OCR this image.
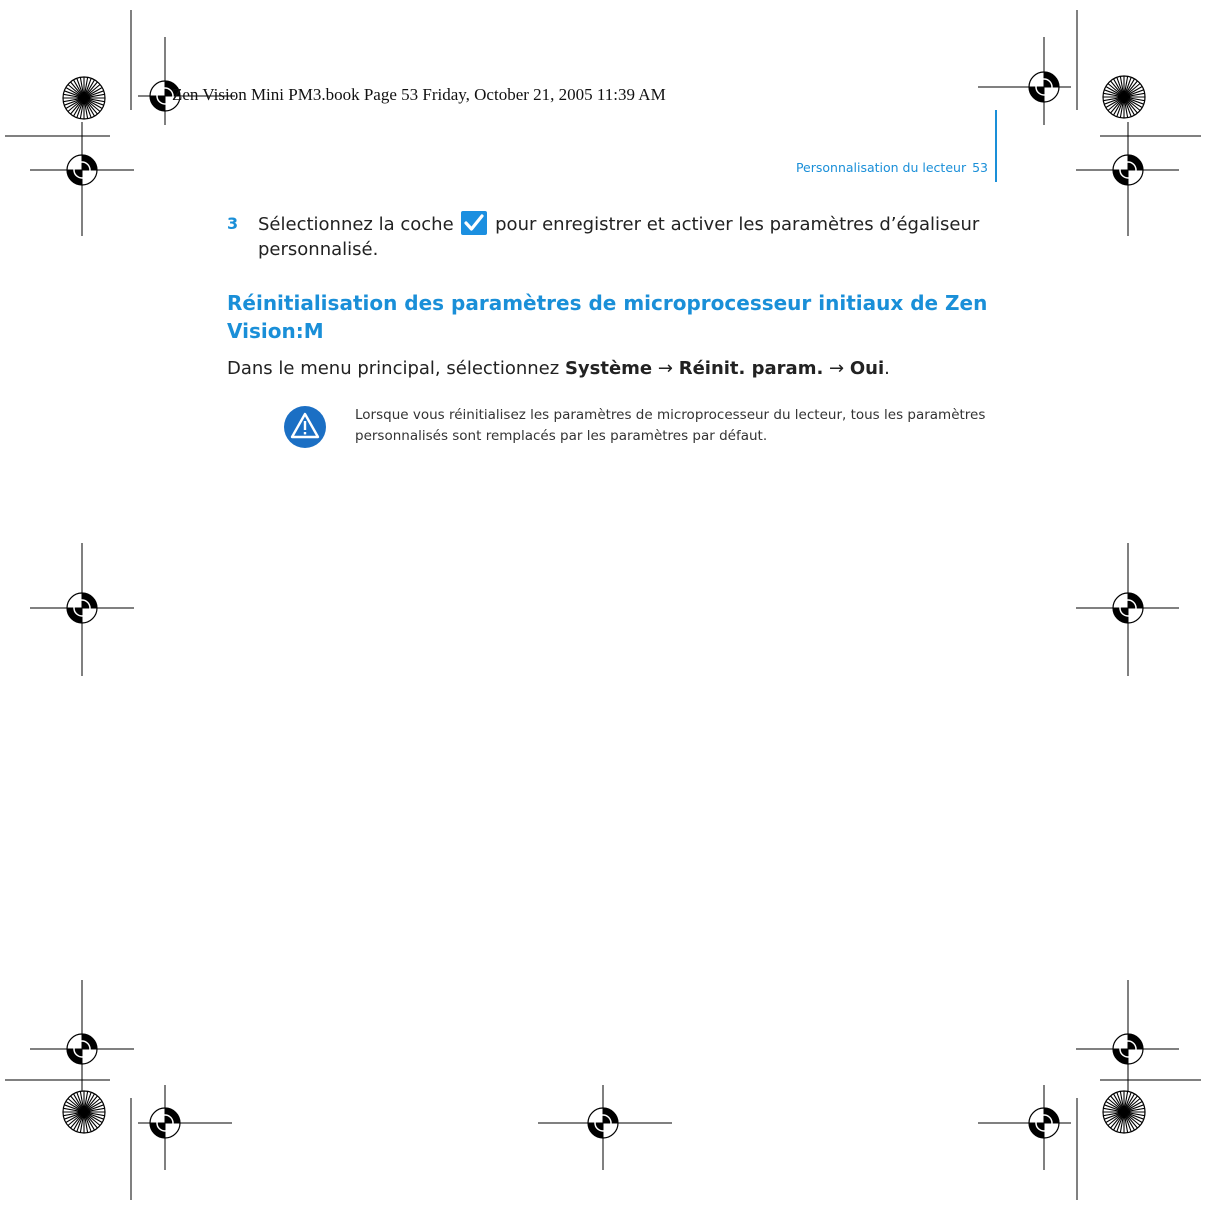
Zen Vision Mini PM3.book Page 53 Friday, October 21, 2005 11:39 AM
Personnalisation du lecteur 53
3 Sélectionnez la coche pour enregistrer et activer les paramètres d’égaliseur personnalisé.
Réinitialisation des paramètres de microprocesseur initiaux de Zen Vision:M
Dans le menu principal, sélectionnez Système → Réinit. param. → Oui.
Lorsque vous réinitialisez les paramètres de microprocesseur du lecteur, tous les paramètres personnalisés sont remplacés par les paramètres par défaut.
